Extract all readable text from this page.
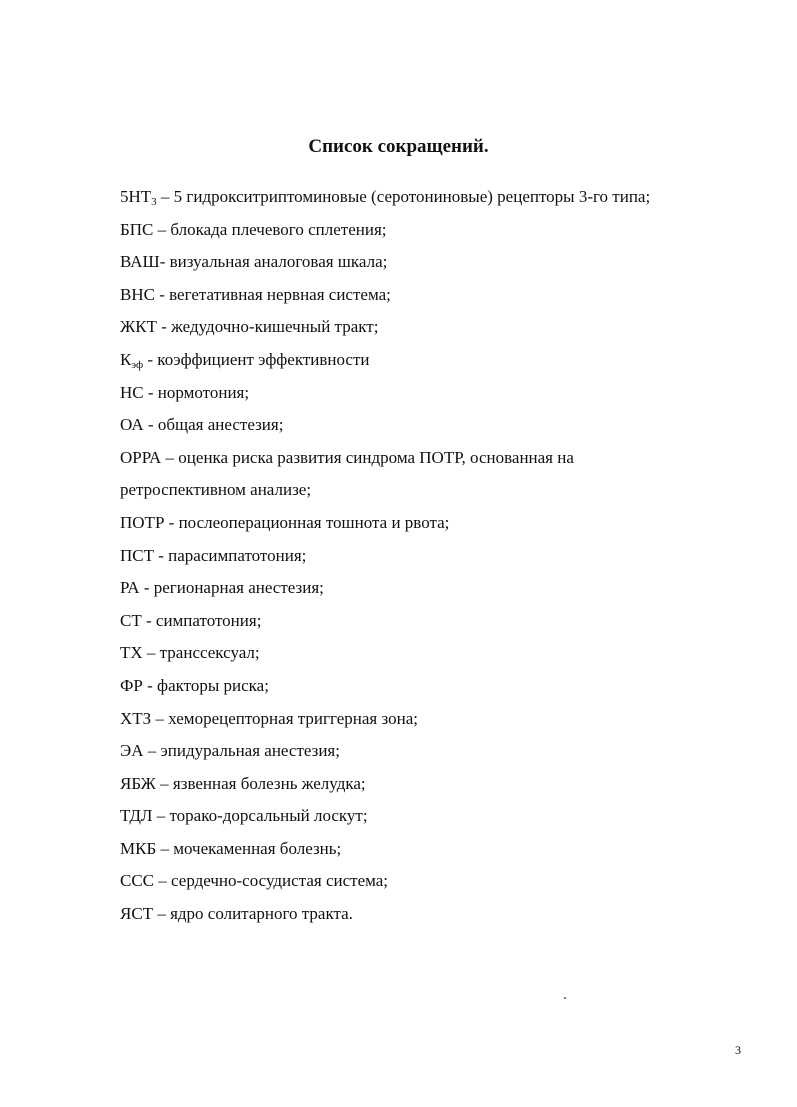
Список сокращений.
$5HT_3 - 5$ гидрокситриптоминовые (серотониновые) рецепторы 3-го типа;
БПС – блокада плечевого сплетения;
ВАШ- визуальная аналоговая шкала;
ВНС - вегетативная нервная система;
ЖКТ - жедудочно-кишечный тракт;
$К_{эф}$ - коэффициент эффективности
НС - нормотония;
ОА - общая анестезия;
ОРРА – оценка риска развития синдрома ПОТР, основанная на
ретроспективном анализе;
ПОТР - послеоперационная тошнота и рвота;
ПСТ - парасимпатотония;
РА - регионарная анестезия;
СТ - симпатотония;
ТХ – транссексуал;
ФР - факторы риска;
ХТЗ – хеморецепторная триггерная зона;
ЭА – эпидуральная анестезия;
ЯБЖ – язвенная болезнь желудка;
ТДЛ – торако-дорсальный лоскут;
МКБ – мочекаменная болезнь;
ССС – сердечно-сосудистая система;
ЯСТ – ядро солитарного тракта.
3
